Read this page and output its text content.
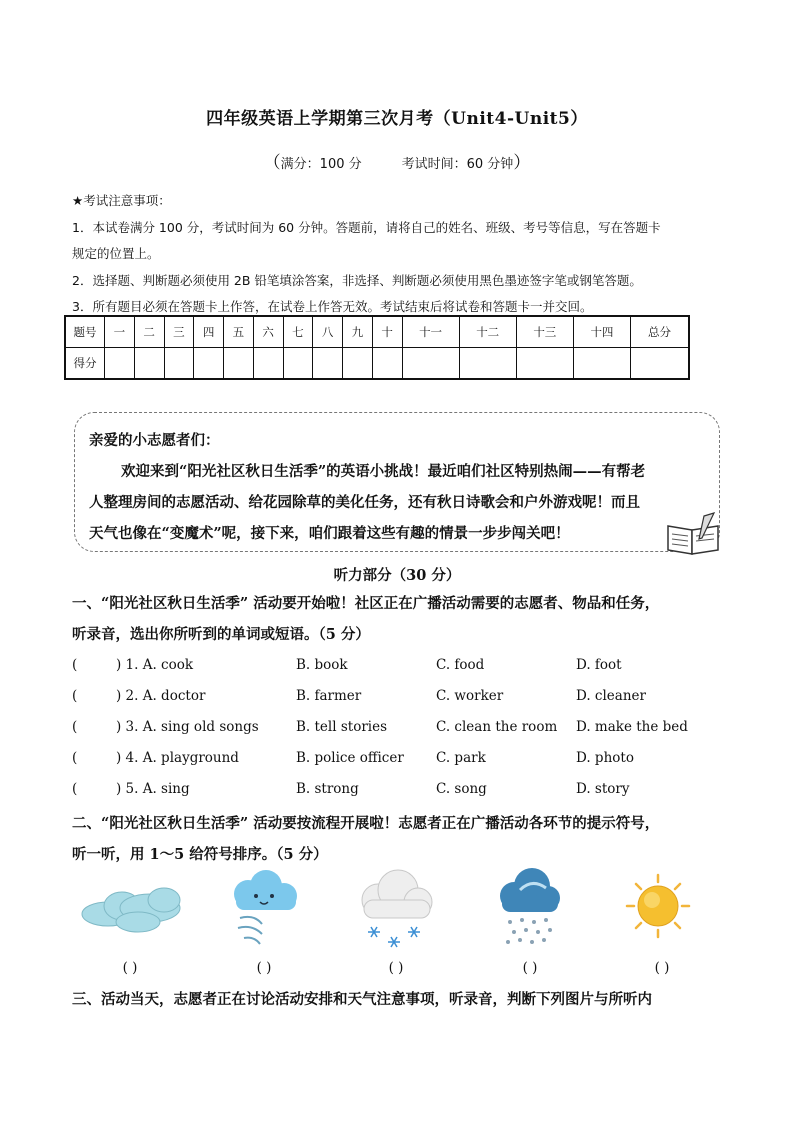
四年级英语上学期第三次月考（Unit4-Unit5）
（满分：100 分	考试时间：60 分钟）

★考试注意事项：

1．本试卷满分 100 分，考试时间为 60 分钟。答题前，请将自己的姓名、班级、考号等信息，写在答题卡

规定的位置上。

2．选择题、判断题必须使用 2B 铅笔填涂答案，非选择、判断题必须使用黑色墨迹签字笔或钢笔答题。

3．所有题目必须在答题卡上作答，在试卷上作答无效。考试结束后将试卷和答题卡一并交回。

题号	一	二	三	四	五	六	七	八	九	十	十一	十二	十三	十四	总分
得分															

亲爱的小志愿者们：

欢迎来到“阳光社区秋日生活季”的英语小挑战！最近咱们社区特别热闹——有帮老

人整理房间的志愿活动、给花园除草的美化任务，还有秋日诗歌会和户外游戏呢！而且

天气也像在“变魔术”呢，接下来，咱们跟着这些有趣的情景一步步闯关吧！

听力部分（30 分）

一、“阳光社区秋日生活季” 活动要开始啦！社区正在广播活动需要的志愿者、物品和任务，

听录音，选出你所听到的单词或短语。（5 分）

(	) 1. A. cook	B. book	C. food	D. foot
(	) 2. A. doctor	B. farmer	C. worker	D. cleaner
(	) 3. A. sing old songs	B. tell stories	C. clean the room D. make the bed
(	) 4. A. playground	B. police officer C. park	D. photo
(	) 5. A. sing	B. strong	C. song	D. story

二、“阳光社区秋日生活季” 活动要按流程开展啦！志愿者正在广播活动各环节的提示符号，

听一听，用 1～5 给符号排序。（5 分）

( )	( )	( )	( )	( )
三、活动当天，志愿者正在讨论活动安排和天气注意事项，听录音，判断下列图片与所听内
